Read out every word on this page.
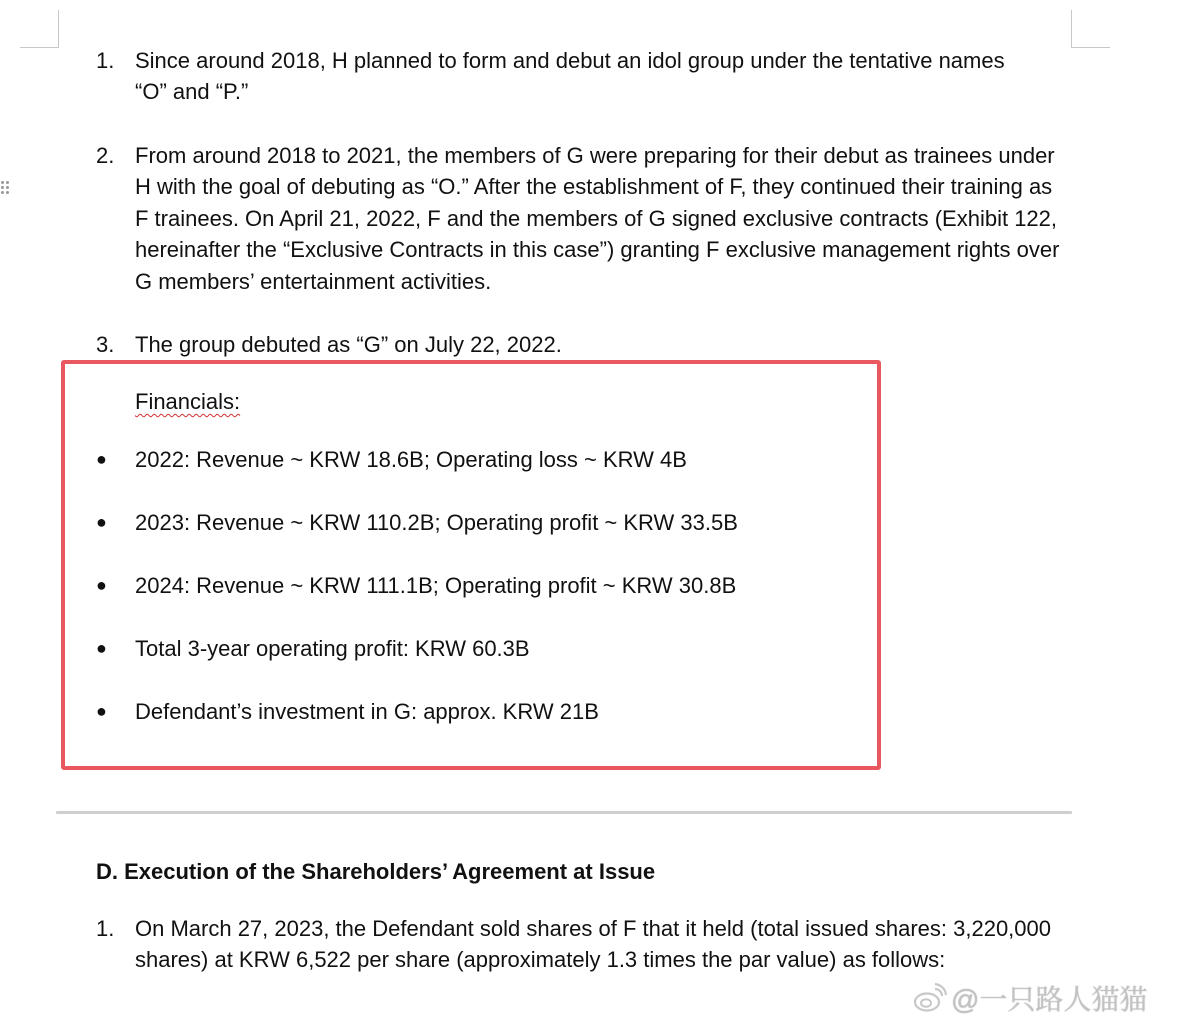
1. Since around 2018, H planned to form and debut an idol group under the tentative names “O” and “P.”
2. From around 2018 to 2021, the members of G were preparing for their debut as trainees under H with the goal of debuting as “O.” After the establishment of F, they continued their training as F trainees. On April 21, 2022, F and the members of G signed exclusive contracts (Exhibit 122, hereinafter the “Exclusive Contracts in this case”) granting F exclusive management rights over G members’ entertainment activities.
3. The group debuted as “G” on July 22, 2022.
Financials:
● 2022: Revenue ~ KRW 18.6B; Operating loss ~ KRW 4B
● 2023: Revenue ~ KRW 110.2B; Operating profit ~ KRW 33.5B
● 2024: Revenue ~ KRW 111.1B; Operating profit ~ KRW 30.8B
● Total 3-year operating profit: KRW 60.3B
● Defendant’s investment in G: approx. KRW 21B
D. Execution of the Shareholders’ Agreement at Issue
1. On March 27, 2023, the Defendant sold shares of F that it held (total issued shares: 3,220,000 shares) at KRW 6,522 per share (approximately 1.3 times the par value) as follows:
@一只路人猫猫
